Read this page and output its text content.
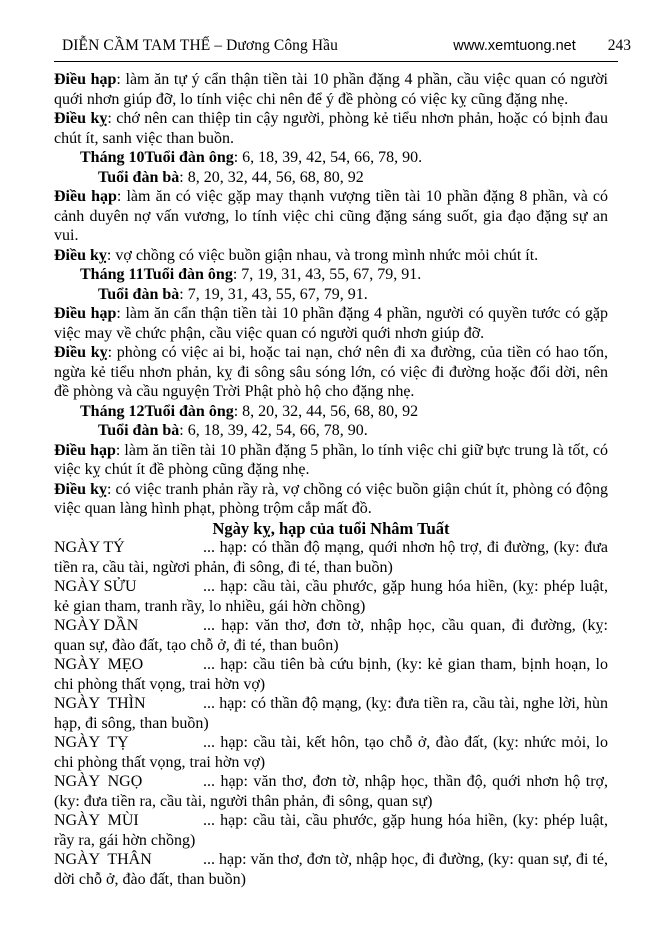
DIỄN CẦM TAM THẾ – Dương Công Hầu	www.xemtuong.net 243

Điều hạp: làm ăn tự ý cẩn thận tiền tài 10 phần đặng 4 phần, cầu việc quan có người quới nhơn giúp đỡ, lo tính việc chi nên để ý đề phòng có việc kỵ cũng đặng nhẹ.

Điều kỵ: chớ nên can thiệp tin cậy người, phòng kẻ tiểu nhơn phản, hoặc có bịnh đau chút ít, sanh việc than buồn.

Tháng 10Tuổi đàn ông: 6, 18, 39, 42, 54, 66, 78, 90.

Tuổi đàn bà: 8, 20, 32, 44, 56, 68, 80, 92

Điều hạp: làm ăn có việc gặp may thạnh vượng tiền tài 10 phần đặng 8 phần, và có cảnh duyên nợ vấn vương, lo tính việc chi cũng đặng sáng suốt, gia đạo đặng sự an vui.

Điều kỵ: vợ chồng có việc buồn giận nhau, và trong mình nhức mỏi chút ít.

Tháng 11Tuổi đàn ông: 7, 19, 31, 43, 55, 67, 79, 91.

Tuổi đàn bà: 7, 19, 31, 43, 55, 67, 79, 91.

Điều hạp: làm ăn cẩn thận tiền tài 10 phần đặng 4 phần, người có quyền tước có gặp việc may về chức phận, cầu việc quan có người quới nhơn giúp đỡ.

Điều kỵ: phòng có việc ai bi, hoặc tai nạn, chớ nên đi xa đường, của tiền có hao tốn, ngừa kẻ tiểu nhơn phản, kỵ đi sông sâu sóng lớn, có việc đi đường hoặc đổi dời, nên đề phòng và cầu nguyện Trời Phật phò hộ cho đặng nhẹ.

Tháng 12Tuổi đàn ông: 8, 20, 32, 44, 56, 68, 80, 92

Tuổi đàn bà: 6, 18, 39, 42, 54, 66, 78, 90.

Điều hạp: làm ăn tiền tài 10 phần đặng 5 phần, lo tính việc chi giữ bực trung là tốt, có việc kỵ chút ít đề phòng cũng đặng nhẹ.

Điều kỵ: có việc tranh phản rầy rà, vợ chồng có việc buồn giận chút ít, phòng có động việc quan làng hình phạt, phòng trộm cắp mất đồ.

Ngày kỵ, hạp của tuổi Nhâm Tuất

NGÀY TÝ	... hạp: có thần độ mạng, quới nhơn hộ trợ, đi đường, (ky: đưa tiền ra, cầu tài, ngừơi phản, đi sông, đi té, than buồn)

NGÀY SỬU	... hạp: cầu tài, cầu phước, gặp hung hóa hiền, (kỵ: phép luật, kẻ gian tham, tranh rầy, lo nhiều, gái hờn chồng)

NGÀY DẦN	... hạp: văn thơ, đơn tờ, nhập học, cầu quan, đi đường, (kỵ: quan sự, đào đất, tạo chỗ ở, đi té, than buôn)

NGÀY  MẸO	... hạp: cầu tiên bà cứu bịnh, (ky: kẻ gian tham, bịnh hoạn, lo chi phòng thất vọng, trai hờn vợ)

NGÀY  THÌN	... hạp: có thần độ mạng, (kỵ: đưa tiền ra, cầu tài, nghe lời, hùn hạp, đi sông, than buồn)

NGÀY  TỴ	... hạp: cầu tài, kết hôn, tạo chỗ ở, đào đất, (kỵ: nhức mỏi, lo chi phòng thất vọng, trai hờn vợ)

NGÀY  NGỌ	... hạp: văn thơ, đơn tờ, nhập học, thần độ, quới nhơn hộ trợ, (ky: đưa tiền ra, cầu tài, người thân phản, đi sông, quan sự)

NGÀY  MÙI	... hạp: cầu tài, cầu phước, gặp hung hóa hiền, (ky: phép luật, rầy ra, gái hờn chồng)

NGÀY  THÂN	... hạp: văn thơ, đơn tờ, nhập học, đi đường, (ky: quan sự, đi té, dời chỗ ở, đào đất, than buồn)
